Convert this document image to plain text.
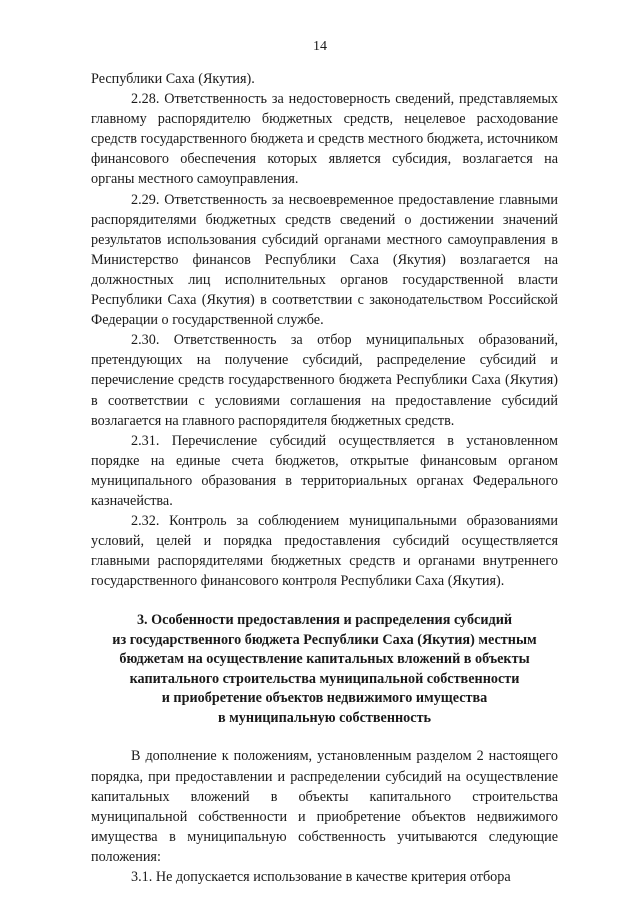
14

Республики Саха (Якутия).

2.28. Ответственность за недостоверность сведений, представляемых главному распорядителю бюджетных средств, нецелевое расходование средств государственного бюджета и средств местного бюджета, источником финансового обеспечения которых является субсидия, возлагается на органы местного самоуправления.

2.29. Ответственность за несвоевременное предоставление главными распорядителями бюджетных средств сведений о достижении значений результатов использования субсидий органами местного самоуправления в Министерство финансов Республики Саха (Якутия) возлагается на должностных лиц исполнительных органов государственной власти Республики Саха (Якутия) в соответствии с законодательством Российской Федерации о государственной службе.

2.30. Ответственность за отбор муниципальных образований, претендующих на получение субсидий, распределение субсидий и перечисление средств государственного бюджета Республики Саха (Якутия) в соответствии с условиями соглашения на предоставление субсидий возлагается на главного распорядителя бюджетных средств.

2.31. Перечисление субсидий осуществляется в установленном порядке на единые счета бюджетов, открытые финансовым органом муниципального образования в территориальных органах Федерального казначейства.

2.32. Контроль за соблюдением муниципальными образованиями условий, целей и порядка предоставления субсидий осуществляется главными распорядителями бюджетных средств и органами внутреннего государственного финансового контроля Республики Саха (Якутия).

3. Особенности предоставления и распределения субсидий
из государственного бюджета Республики Саха (Якутия) местным
бюджетам на осуществление капитальных вложений в объекты
капитального строительства муниципальной собственности
и приобретение объектов недвижимого имущества
в муниципальную собственность

В дополнение к положениям, установленным разделом 2 настоящего порядка, при предоставлении и распределении субсидий на осуществление капитальных вложений в объекты капитального строительства муниципальной собственности и приобретение объектов недвижимого имущества в муниципальную собственность учитываются следующие положения:

3.1. Не допускается использование в качестве критерия отбора
